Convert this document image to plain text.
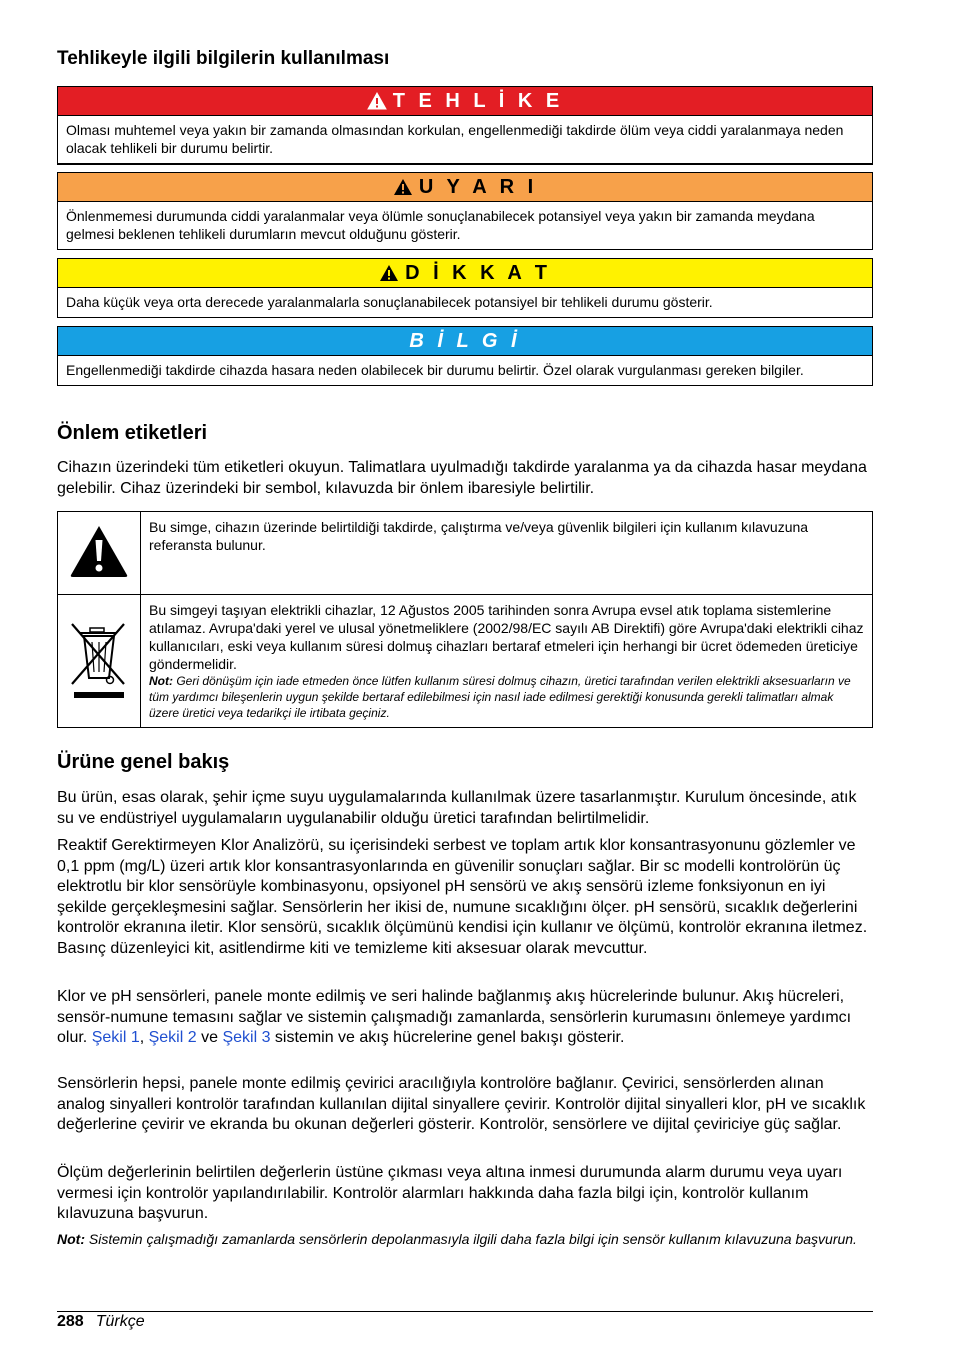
Tehlikeyle ilgili bilgilerin kullanılması
T E H L İ K E
Olması muhtemel veya yakın bir zamanda olmasından korkulan, engellenmediği takdirde ölüm veya ciddi yaralanmaya neden olacak tehlikeli bir durumu belirtir.
U Y A R I
Önlenmemesi durumunda ciddi yaralanmalar veya ölümle sonuçlanabilecek potansiyel veya yakın bir zamanda meydana gelmesi beklenen tehlikeli durumların mevcut olduğunu gösterir.
D İ K K A T
Daha küçük veya orta derecede yaralanmalarla sonuçlanabilecek potansiyel bir tehlikeli durumu gösterir.
B İ L G İ
Engellenmediği takdirde cihazda hasara neden olabilecek bir durumu belirtir. Özel olarak vurgulanması gereken bilgiler.
Önlem etiketleri

Cihazın üzerindeki tüm etiketleri okuyun. Talimatlara uyulmadığı takdirde yaralanma ya da cihazda hasar meydana gelebilir. Cihaz üzerindeki bir sembol, kılavuzda bir önlem ibaresiyle belirtilir.

	Bu simge, cihazın üzerinde belirtildiği takdirde, çalıştırma ve/veya güvenlik bilgileri için kullanım kılavuzuna referansta bulunur.

Bu simgeyi taşıyan elektrikli cihazlar, 12 Ağustos 2005 tarihinden sonra Avrupa evsel atık toplama sistemlerine atılamaz. Avrupa'daki yerel ve ulusal yönetmeliklere (2002/98/EC sayılı AB Direktifi) göre Avrupa'daki elektrikli cihaz kullanıcıları, eski veya kullanım süresi dolmuş cihazları bertaraf etmeleri için herhangi bir ücret ödemeden üreticiye göndermelidir.
Not: Geri dönüşüm için iade etmeden önce lütfen kullanım süresi dolmuş cihazın, üretici tarafından verilen elektrikli aksesuarların ve tüm yardımcı bileşenlerin uygun şekilde bertaraf edilebilmesi için nasıl iade edilmesi gerektiği konusunda gerekli talimatları almak üzere üretici veya tedarikçi ile irtibata geçiniz.
Ürüne genel bakış

Bu ürün, esas olarak, şehir içme suyu uygulamalarında kullanılmak üzere tasarlanmıştır. Kurulum öncesinde, atık su ve endüstriyel uygulamaların uygulanabilir olduğu üretici tarafından belirtilmelidir.

Reaktif Gerektirmeyen Klor Analizörü, su içerisindeki serbest ve toplam artık klor konsantrasyonunu gözlemler ve 0,1 ppm (mg/L) üzeri artık klor konsantrasyonlarında en güvenilir sonuçları sağlar. Bir sc modelli kontrolörün üç elektrotlu bir klor sensörüyle kombinasyonu, opsiyonel pH sensörü ve akış sensörü izleme fonksiyonun en iyi şekilde gerçekleşmesini sağlar. Sensörlerin her ikisi de, numune sıcaklığını ölçer. pH sensörü, sıcaklık değerlerini kontrolör ekranına iletir. Klor sensörü, sıcaklık ölçümünü kendisi için kullanır ve ölçümü, kontrolör ekranına iletmez. Basınç düzenleyici kit, asitlendirme kiti ve temizleme kiti aksesuar olarak mevcuttur.

Klor ve pH sensörleri, panele monte edilmiş ve seri halinde bağlanmış akış hücrelerinde bulunur. Akış hücreleri, sensör-numune temasını sağlar ve sistemin çalışmadığı zamanlarda, sensörlerin kurumasını önlemeye yardımcı olur. Şekil 1, Şekil 2 ve Şekil 3 sistemin ve akış hücrelerine genel bakışı gösterir.

Sensörlerin hepsi, panele monte edilmiş çevirici aracılığıyla kontrolöre bağlanır. Çevirici, sensörlerden alınan analog sinyalleri kontrolör tarafından kullanılan dijital sinyallere çevirir. Kontrolör dijital sinyalleri klor, pH ve sıcaklık değerlerine çevirir ve ekranda bu okunan değerleri gösterir. Kontrolör, sensörlere ve dijital çeviriciye güç sağlar.

Ölçüm değerlerinin belirtilen değerlerin üstüne çıkması veya altına inmesi durumunda alarm durumu veya uyarı vermesi için kontrolör yapılandırılabilir. Kontrolör alarmları hakkında daha fazla bilgi için, kontrolör kullanım kılavuzuna başvurun.

Not: Sistemin çalışmadığı zamanlarda sensörlerin depolanmasıyla ilgili daha fazla bilgi için sensör kullanım kılavuzuna başvurun.
288 Türkçe
